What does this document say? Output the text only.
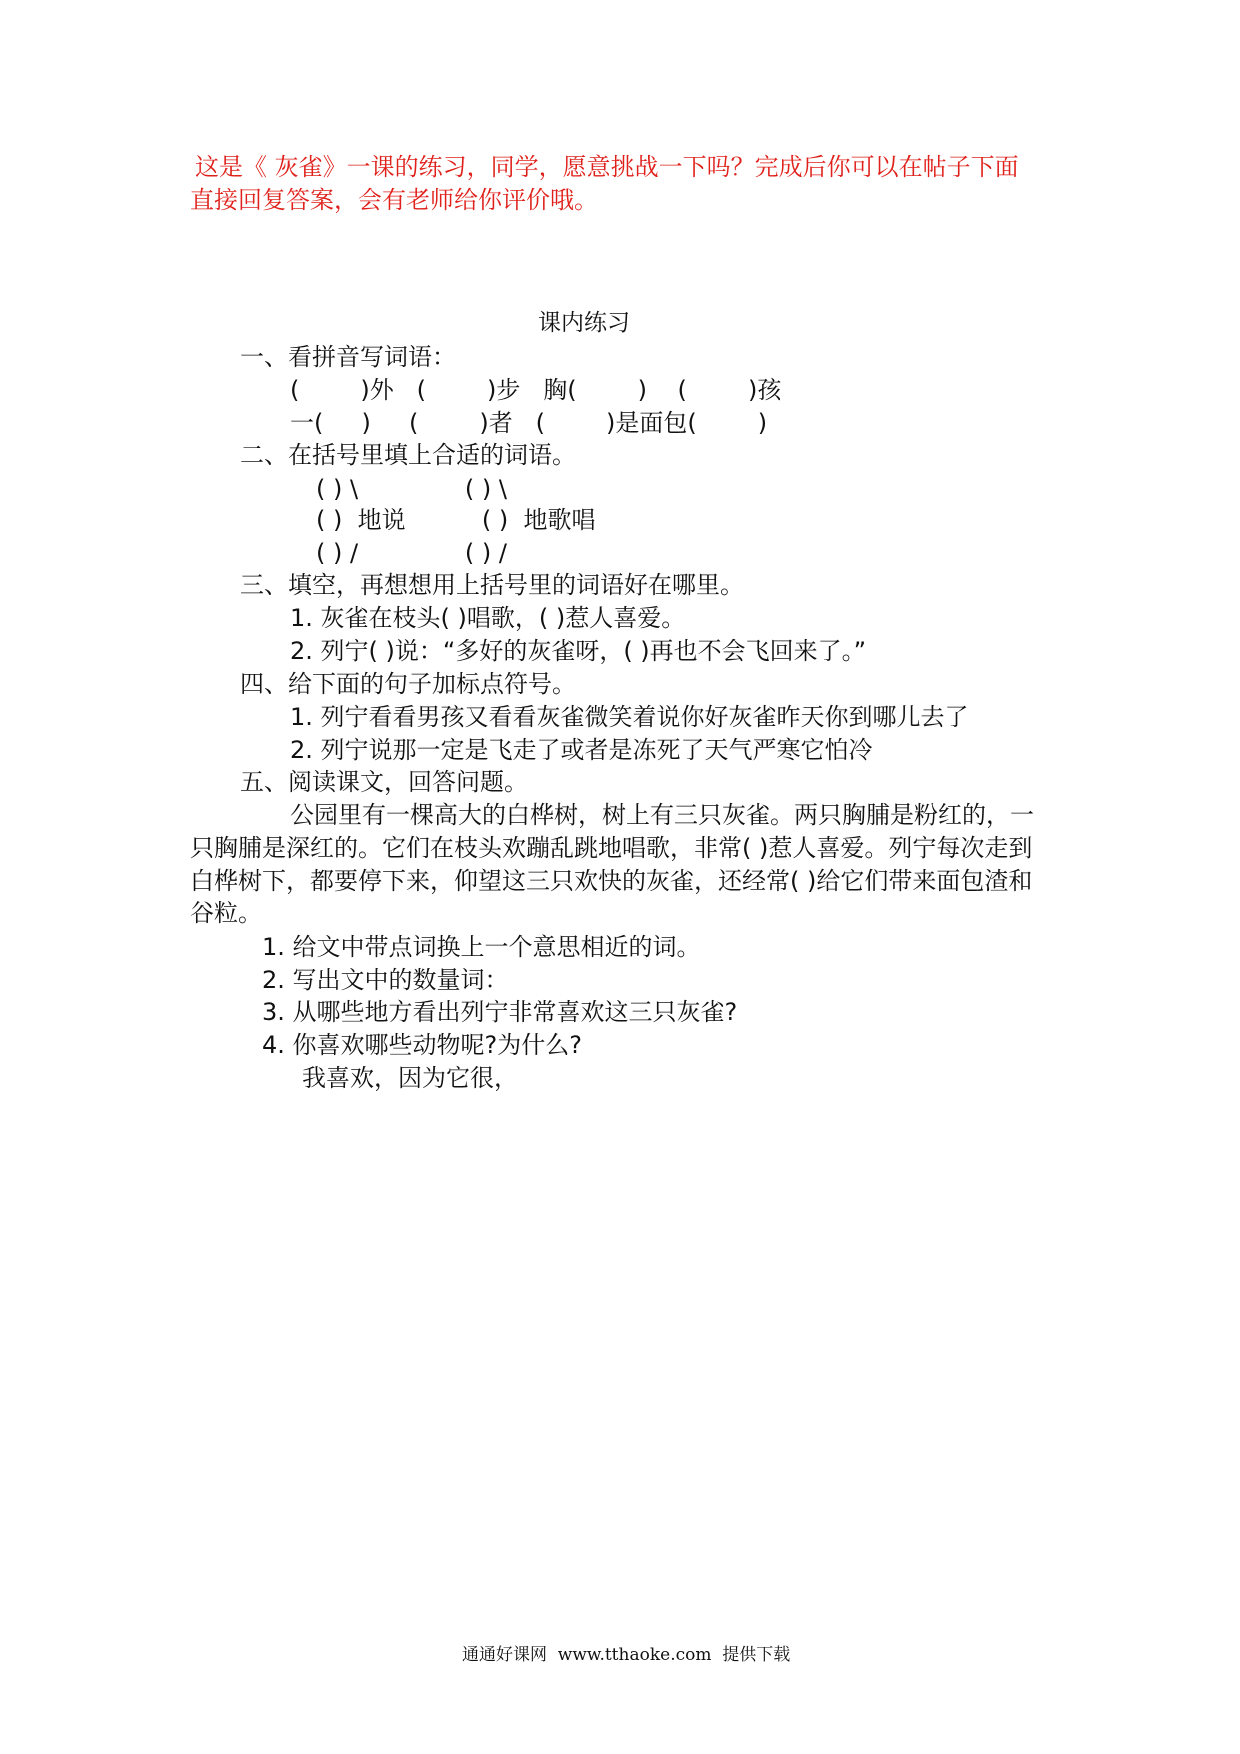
这是《 灰雀》一课的练习，同学，愿意挑战一下吗？完成后你可以在帖子下面
直接回复答案，会有老师给你评价哦。
课内练习
一、看拼音写词语：
(        )外   (        )步   胸(        )    (        )孩
一(     )     (        )者   (        )是面包(        )
二、在括号里填上合适的词语。
( ) \              ( ) \
( )  地说          ( )  地歌唱
( ) /              ( ) /
三、填空，再想想用上括号里的词语好在哪里。
1. 灰雀在枝头( )唱歌，( )惹人喜爱。
2. 列宁( )说：“多好的灰雀呀，( )再也不会飞回来了。”
四、给下面的句子加标点符号。
1. 列宁看看男孩又看看灰雀微笑着说你好灰雀昨天你到哪儿去了
2. 列宁说那一定是飞走了或者是冻死了天气严寒它怕冷
五、阅读课文，回答问题。
公园里有一棵高大的白桦树，树上有三只灰雀。两只胸脯是粉红的，一
只胸脯是深红的。它们在枝头欢蹦乱跳地唱歌，非常( )惹人喜爱。列宁每次走到
白桦树下，都要停下来，仰望这三只欢快的灰雀，还经常( )给它们带来面包渣和
谷粒。
1. 给文中带点词换上一个意思相近的词。
2. 写出文中的数量词：
3. 从哪些地方看出列宁非常喜欢这三只灰雀?
4. 你喜欢哪些动物呢?为什么?
我喜欢，因为它很，
通通好课网  www.tthaoke.com  提供下载
